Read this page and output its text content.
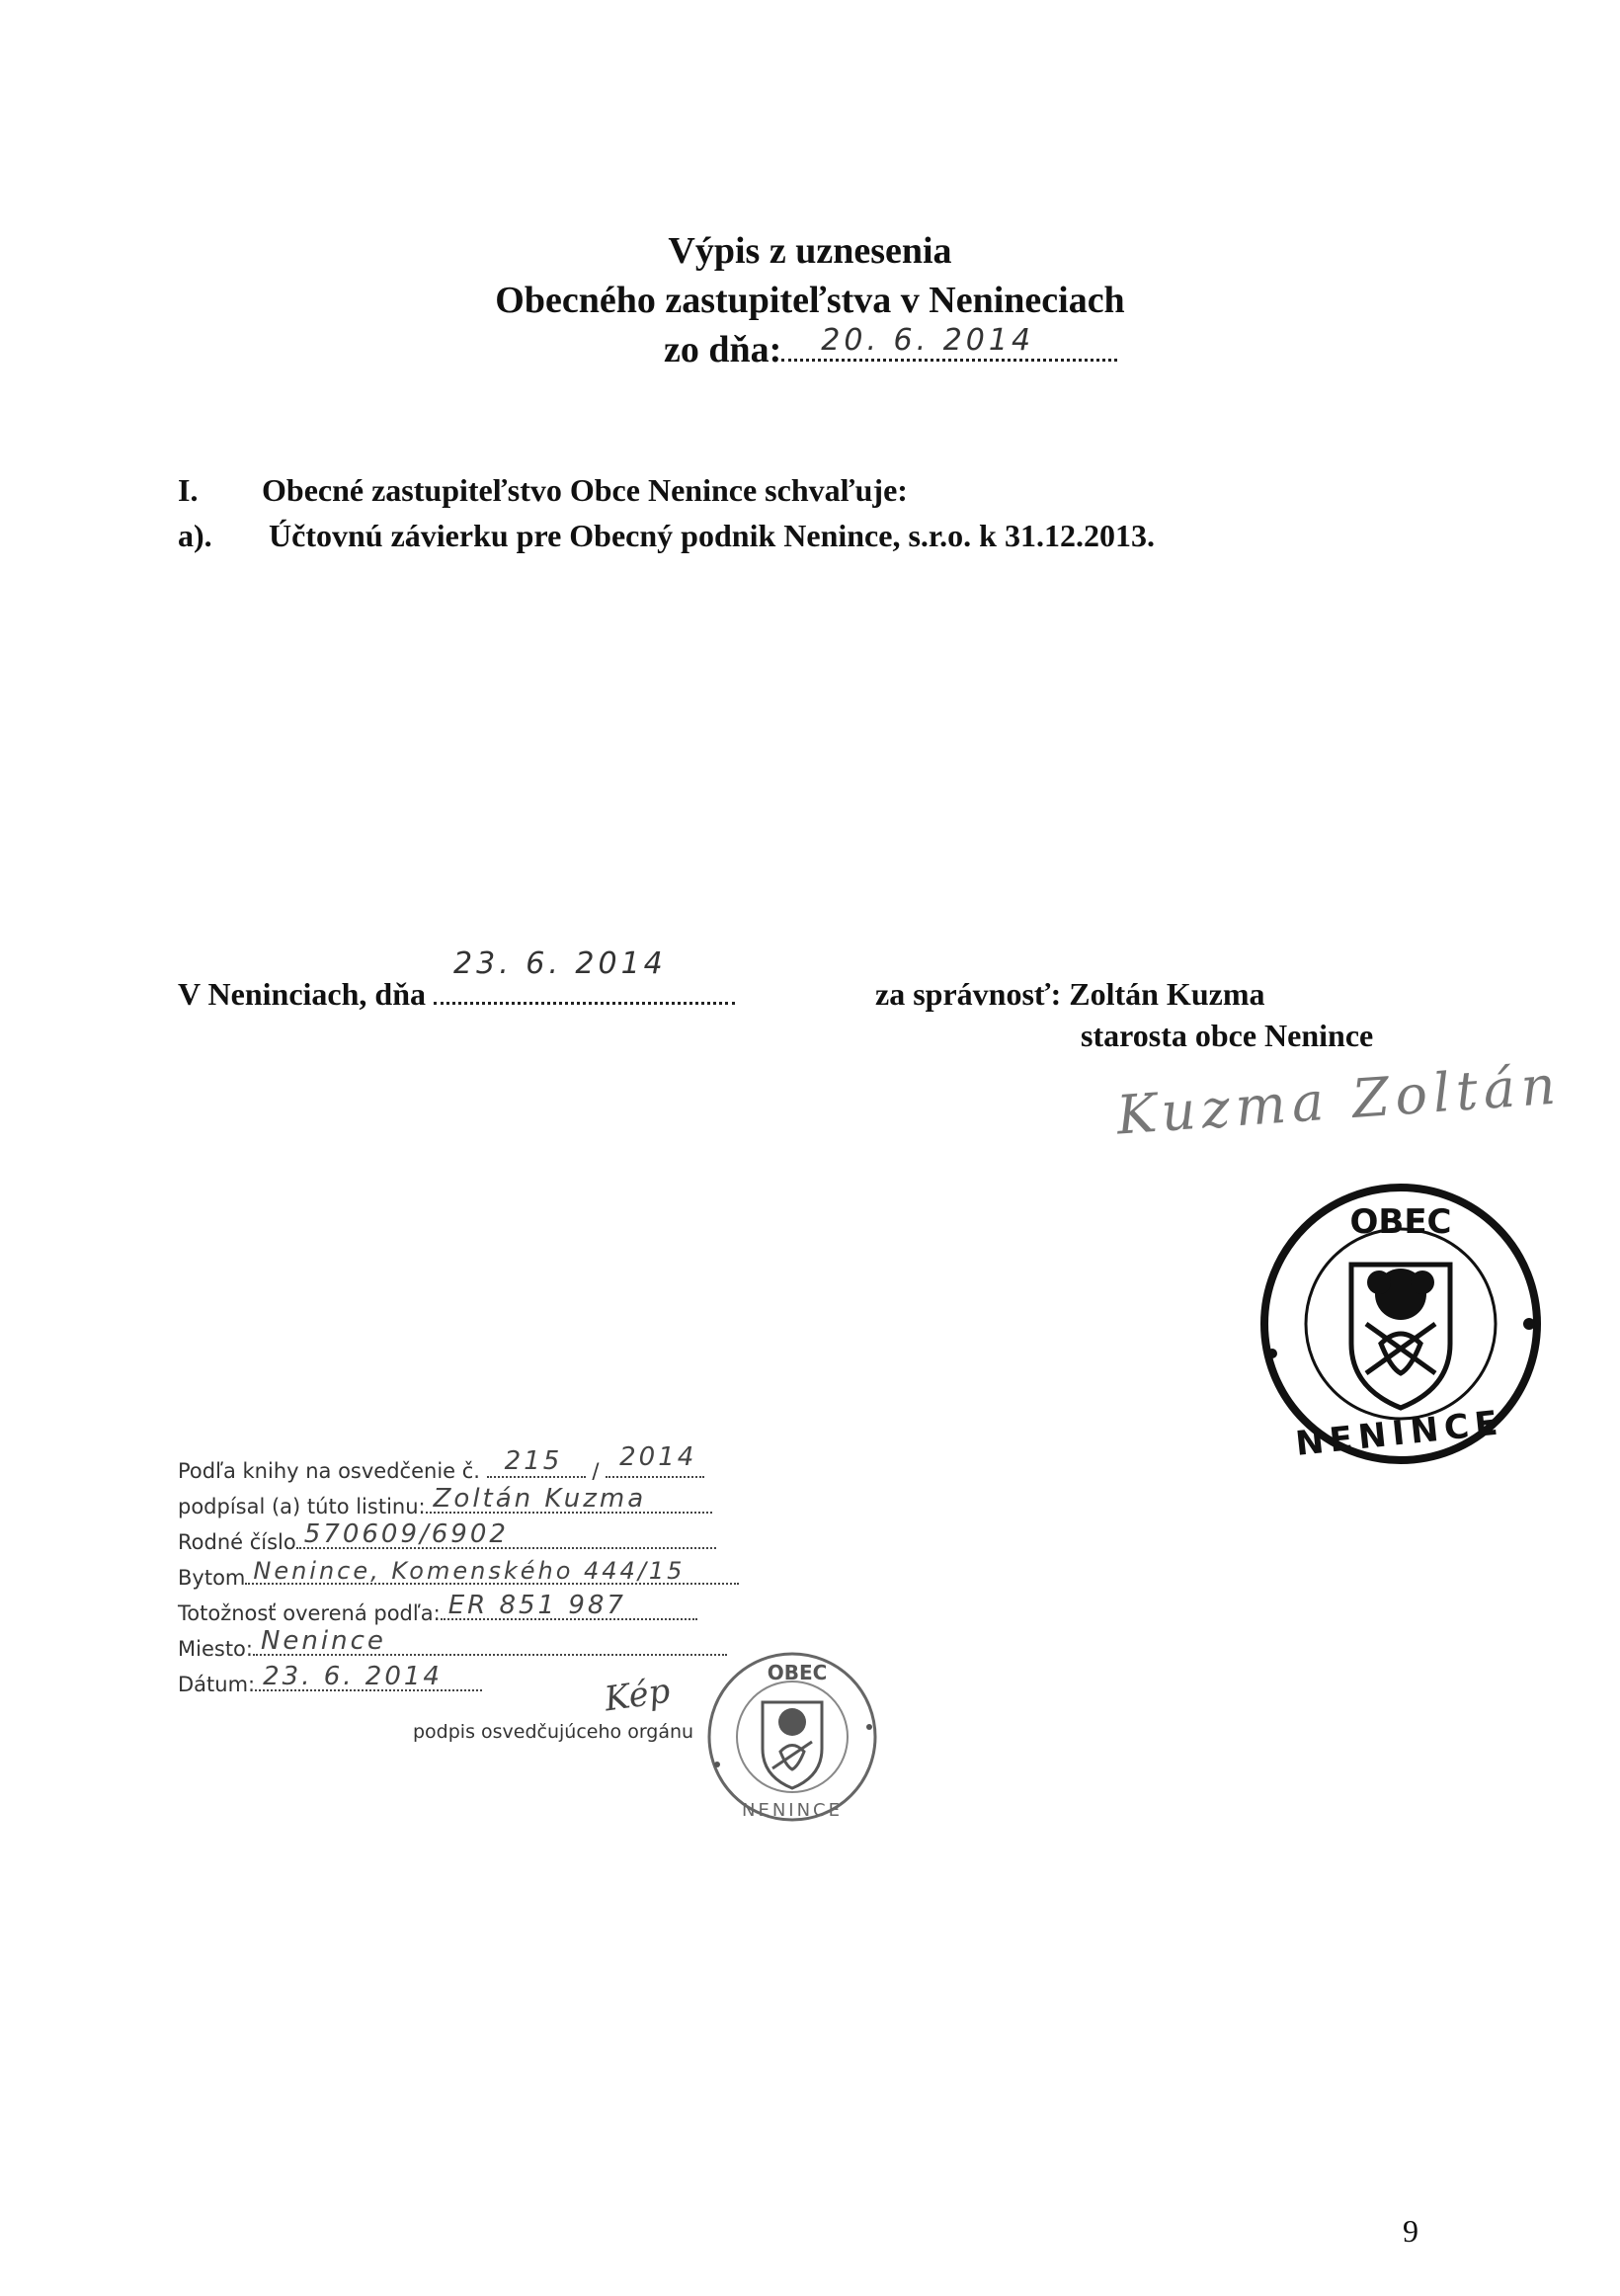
Výpis z uznesenia
Obecného zastupiteľstva v Nenineciach
zo dňa: 20. 6. 2014
I. Obecné zastupiteľstvo Obce Nenince schvaľuje:
a). Účtovnú závierku pre Obecný podnik Nenince, s.r.o. k 31.12.2013.
V Neninciach, dňa
23. 6. 2014
za správnosť: Zoltán Kuzma
starosta obce Nenince
Kuzma Zoltán
OBEC
NENINCE
Podľa knihy na osvedčenie č. 215 / 2014
podpísal (a) túto listinu: Zoltán Kuzma
Rodné číslo 570609/6902
Bytom Nenince, Komenského 444/15
Totožnosť overená podľa: ER 851 987
Miesto: Nenince
Dátum: 23. 6. 2014
podpis osvedčujúceho orgánu
Kép	OBEC
NENINCE
9
